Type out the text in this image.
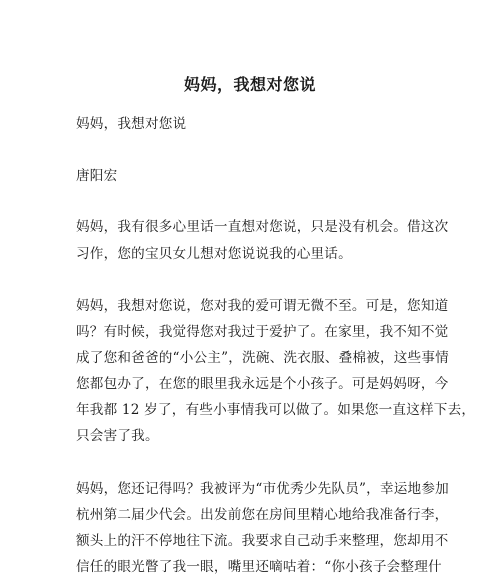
妈妈，我想对您说
妈妈，我想对您说
唐阳宏
妈妈，我有很多心里话一直想对您说，只是没有机会。借这次
习作，您的宝贝女儿想对您说说我的心里话。
妈妈，我想对您说，您对我的爱可谓无微不至。可是，您知道
吗？有时候，我觉得您对我过于爱护了。在家里，我不知不觉
成了您和爸爸的“小公主”，洗碗、洗衣服、叠棉被，这些事情
您都包办了，在您的眼里我永远是个小孩子。可是妈妈呀，今
年我都 12 岁了，有些小事情我可以做了。如果您一直这样下去，
只会害了我。
妈妈，您还记得吗？我被评为“市优秀少先队员”，幸运地参加
杭州第二届少代会。出发前您在房间里精心地给我准备行李，
额头上的汗不停地往下流。我要求自己动手来整理，您却用不
信任的眼光瞥了我一眼，嘴里还嘀咕着：“你小孩子会整理什
